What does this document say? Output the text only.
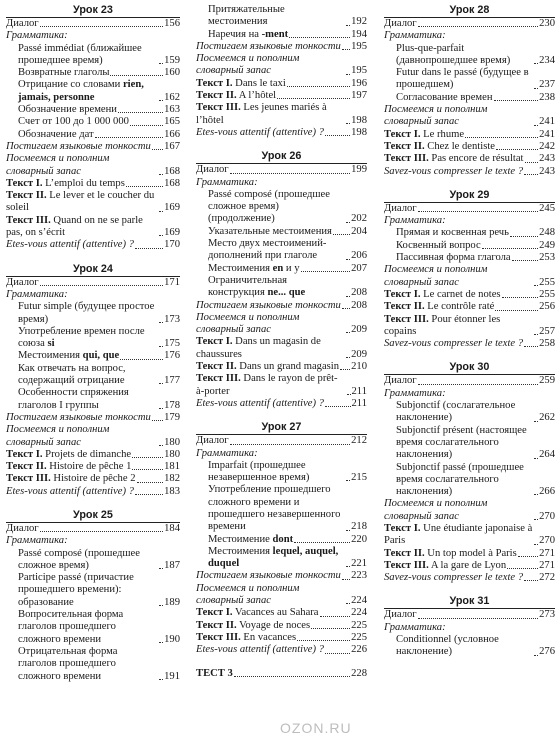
Урок 23
Диалог	156
Грамматика:
Passé immédiat (ближайшее прошедшее время)	159
Возвратные глаголы	160
Отрицание со словами rien, jamais, personne	162
Обозначение времени	163
Счет от 100 до 1 000 000	165
Обозначение дат	166
Постигаем языковые тонкости 167
Посмеемся и пополним словарный запас	168
Текст I. L’emploi du temps	168
Текст II. Le lever et le coucher du soleil	169
Текст III. Quand on ne se parle pas, on s’écrit	169
Etes-vous attentif (attentive) ?	170
Урок 24
Диалог	171
Грамматика:
Futur simple (будущее простое время)	173
Употребление времен после союза si	175
Местоимения qui, que	176
Как отвечать на вопрос, содержащий отрицание	177
Особенности спряжения глаголов I группы	178
Постигаем языковые тонкости 179
Посмеемся и пополним словарный запас	180
Текст I. Projets de dimanche	180
Текст II. Histoire de pêche 1	181
Текст III. Histoire de pêche 2	182
Etes-vous attentif (attentive) ?	183
Урок 25
Диалог	184
Грамматика:
Passé composé (прошедшее сложное время)	187
Participe passé (причастие прошедшего времени): образование	189
Вопросительная форма глаголов прошедшего сложного времени	190
Отрицательная форма глаголов прошедшего сложного времени	191
Притяжательные местоимения	192
Наречия на -ment	194
Постигаем языковые тонкости 195
Посмеемся и пополним словарный запас	195
Текст I. Dans le taxi	196
Текст II. A l’hôtel	197
Текст III. Les jeunes mariés à l’hôtel	198
Etes-vous attentif (attentive) ?	198
Урок 26
Диалог	199
Грамматика:
Passé composé (прошедшее сложное время) (продолжение)	202
Указательные местоимения 204
Место двух местоимений-дополнений при глаголе	206
Местоимения en и y	207
Ограничительная конструкция ne... que	208
Постигаем языковые тонкости 208
Посмеемся и пополним словарный запас	209
Текст I. Dans un magasin de chaussures	209
Текст II. Dans un grand magasin 210
Текст III. Dans le rayon de prêt-à-porter	211
Etes-vous attentif (attentive) ?	211
Урок 27
Диалог	212
Грамматика:
Imparfait (прошедшее незавершенное время)	215
Употребление прошедшего сложного времени и прошедшего незавершенного времени	218
Местоимение dont	220
Местоимения lequel, auquel, duquel	221
Постигаем языковые тонкости 223
Посмеемся и пополним словарный запас	224
Текст I. Vacances au Sahara	224
Текст II. Voyage de noces	225
Текст III. En vacances	225
Etes-vous attentif (attentive) ?	226
ТЕСТ 3	228
Урок 28
Диалог	230
Грамматика:
Plus-que-parfait (давнопрошедшее время)	234
Futur dans le passé (будущее в прошедшем)	237
Согласование времен	238
Посмеемся и пополним словарный запас	241
Текст I. Le rhume	241
Текст II. Chez le dentiste	242
Текст III. Pas encore de résultat 243
Savez-vous compresser le texte ? 243
Урок 29
Диалог	245
Грамматика:
Прямая и косвенная речь	248
Косвенный вопрос	249
Пассивная форма глагола	253
Посмеемся и пополним словарный запас	255
Текст I. Le carnet de notes	255
Текст II. Le contrôle raté	256
Текст III. Pour étonner les copains	257
Savez-vous compresser le texte ? 258
Урок 30
Диалог	259
Грамматика:
Subjonctif (сослагательное наклонение)	262
Subjonctif présent (настоящее время сослагательного наклонения)	264
Subjonctif passé (прошедшее время сослагательного наклонения)	266
Посмеемся и пополним словарный запас	270
Текст I. Une étudiante japonaise à Paris	270
Текст II. Un top model à Paris 271
Текст III. A la gare de Lyon	271
Savez-vous compresser le texte ? 272
Урок 31
Диалог	273
Грамматика:
Conditionnel (условное наклонение)	276
OZON.RU
